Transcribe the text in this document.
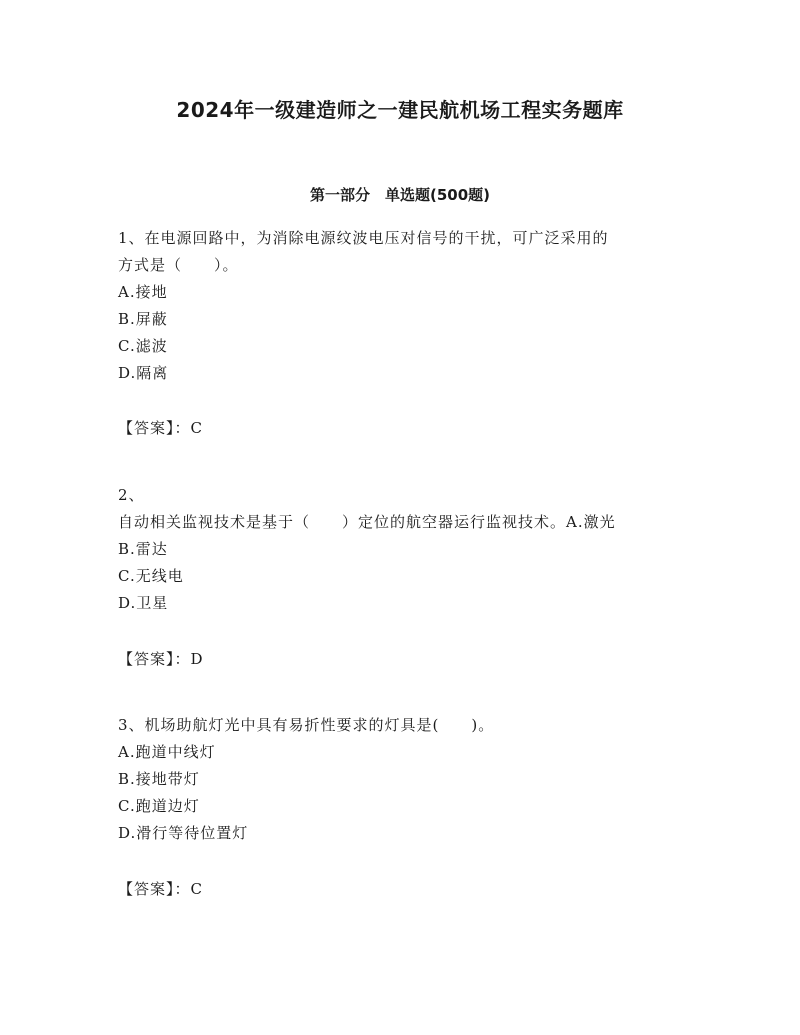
2024年一级建造师之一建民航机场工程实务题库
第一部分　单选题(500题)
1、在电源回路中，为消除电源纹波电压对信号的干扰，可广泛采用的
方式是（　　）。
A.接地
B.屏蔽
C.滤波
D.隔离
【答案】：C
2、
自动相关监视技术是基于（　　）定位的航空器运行监视技术。A.激光
B.雷达
C.无线电
D.卫星
【答案】：D
3、机场助航灯光中具有易折性要求的灯具是(　　)。
A.跑道中线灯
B.接地带灯
C.跑道边灯
D.滑行等待位置灯
【答案】：C
